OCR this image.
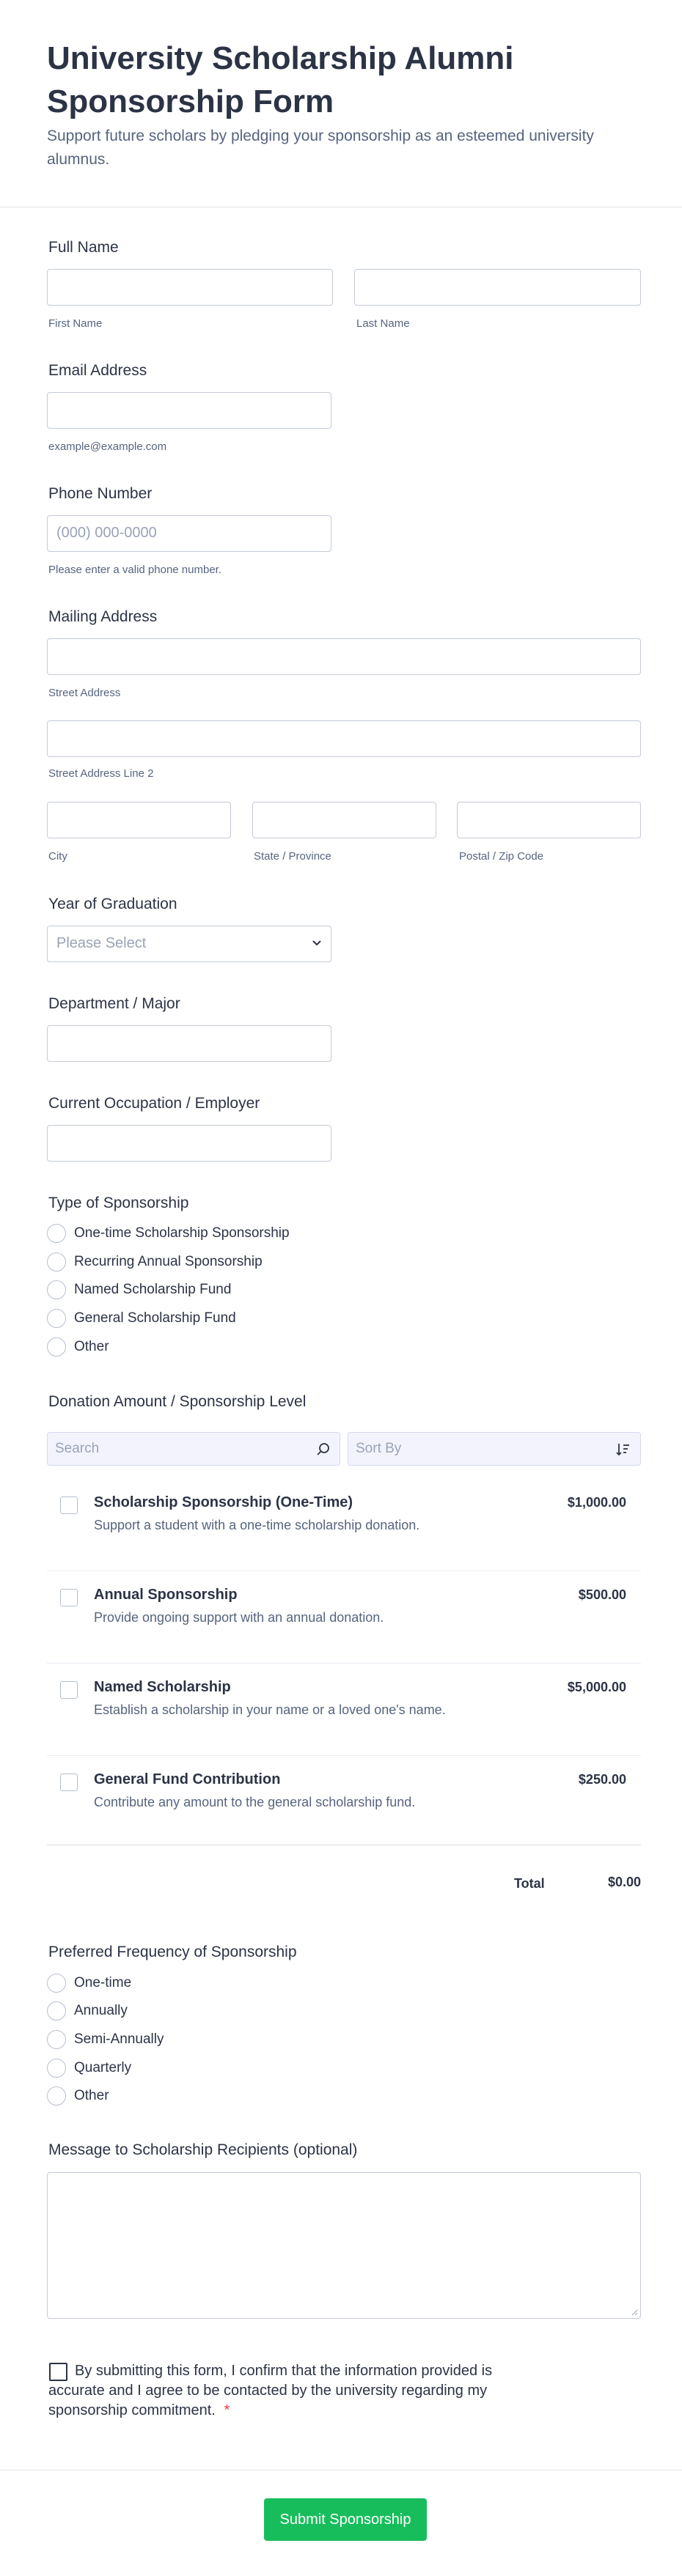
University Scholarship Alumni Sponsorship Form
Support future scholars by pledging your sponsorship as an esteemed university alumnus.
Full Name
First Name	Last Name
Email Address
example@example.com
Phone Number
(000) 000-0000
Please enter a valid phone number.
Mailing Address
Street Address
Street Address Line 2
City	State / Province	Postal / Zip Code
Year of Graduation
Please Select
Department / Major
Current Occupation / Employer
Type of Sponsorship
One-time Scholarship Sponsorship
Recurring Annual Sponsorship
Named Scholarship Fund
General Scholarship Fund
Other
Donation Amount / Sponsorship Level
Search	Sort By
Scholarship Sponsorship (One-Time)
Support a student with a one-time scholarship donation.
$1,000.00
Annual Sponsorship
Provide ongoing support with an annual donation.
$500.00
Named Scholarship
Establish a scholarship in your name or a loved one's name.
$5,000.00
General Fund Contribution
Contribute any amount to the general scholarship fund.
$250.00
Total	$0.00
Preferred Frequency of Sponsorship
One-time
Annually
Semi-Annually
Quarterly
Other
Message to Scholarship Recipients (optional)
By submitting this form, I confirm that the information provided is accurate and I agree to be contacted by the university regarding my sponsorship commitment. *
Submit Sponsorship
